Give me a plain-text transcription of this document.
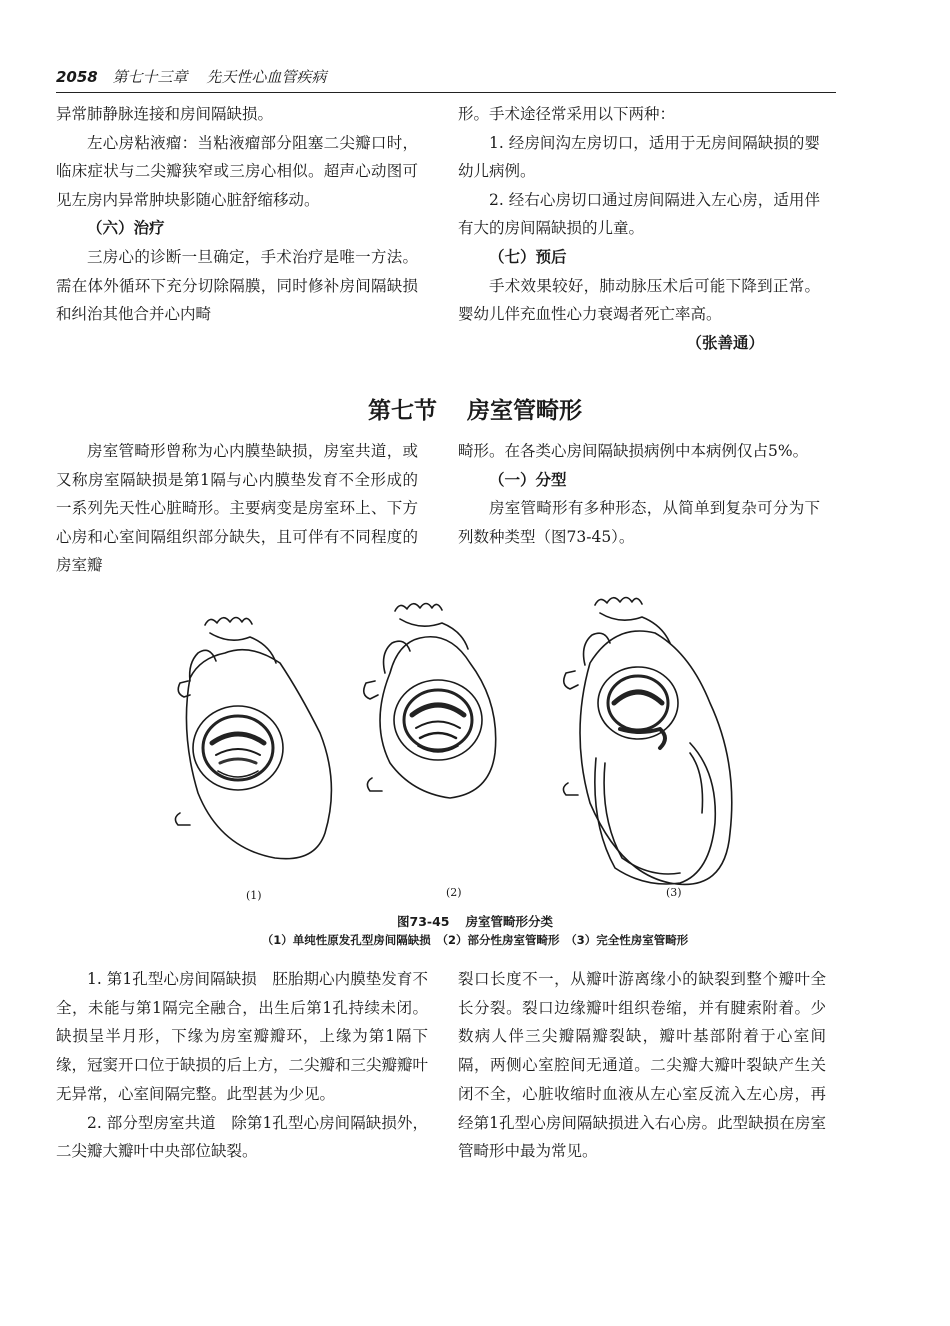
2058 第七十三章 先天性心血管疾病

异常肺静脉连接和房间隔缺损。

左心房粘液瘤：当粘液瘤部分阻塞二尖瓣口时，临床症状与二尖瓣狭窄或三房心相似。超声心动图可见左房内异常肿块影随心脏舒缩移动。

（六）治疗

三房心的诊断一旦确定，手术治疗是唯一方法。需在体外循环下充分切除隔膜，同时修补房间隔缺损和纠治其他合并心内畸

形。手术途径常采用以下两种：

1. 经房间沟左房切口，适用于无房间隔缺损的婴幼儿病例。

2. 经右心房切口通过房间隔进入左心房，适用伴有大的房间隔缺损的儿童。

（七）预后

手术效果较好，肺动脉压术后可能下降到正常。婴幼儿伴充血性心力衰竭者死亡率高。

（张善通）

第七节 房室管畸形

房室管畸形曾称为心内膜垫缺损，房室共道，或又称房室隔缺损是第1隔与心内膜垫发育不全形成的一系列先天性心脏畸形。主要病变是房室环上、下方心房和心室间隔组织部分缺失，且可伴有不同程度的房室瓣

畸形。在各类心房间隔缺损病例中本病例仅占5%。

（一）分型

房室管畸形有多种形态，从简单到复杂可分为下列数种类型（图73-45）。

(1)	(2)	(3)
图73-45 房室管畸形分类
（1）单纯性原发孔型房间隔缺损　（2）部分性房室管畸形　（3）完全性房室管畸形

1. 第1孔型心房间隔缺损　胚胎期心内膜垫发育不全，未能与第1隔完全融合，出生后第1孔持续未闭。缺损呈半月形，下缘为房室瓣瓣环，上缘为第1隔下缘，冠窦开口位于缺损的后上方，二尖瓣和三尖瓣瓣叶无异常，心室间隔完整。此型甚为少见。

2. 部分型房室共道　除第1孔型心房间隔缺损外，二尖瓣大瓣叶中央部位缺裂。

裂口长度不一，从瓣叶游离缘小的缺裂到整个瓣叶全长分裂。裂口边缘瓣叶组织卷缩，并有腱索附着。少数病人伴三尖瓣隔瓣裂缺，瓣叶基部附着于心室间隔，两侧心室腔间无通道。二尖瓣大瓣叶裂缺产生关闭不全，心脏收缩时血液从左心室反流入左心房，再经第1孔型心房间隔缺损进入右心房。此型缺损在房室管畸形中最为常见。
